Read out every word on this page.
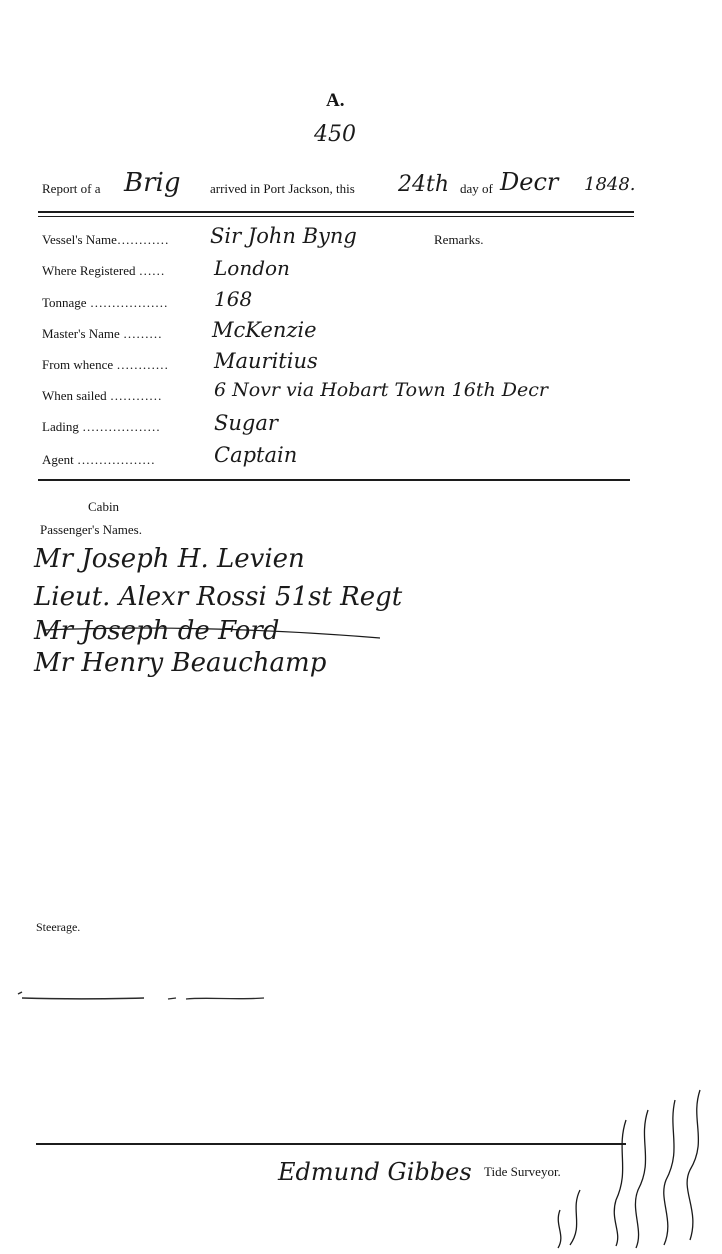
A.
450
Report of a Brig arrived in Port Jackson, this 24th day of Decr 1848.
Vessel's Name…………
Where Registered ……
Tonnage ………………
Master's Name ………
From whence …………
When sailed …………
Lading ………………
Agent ………………
Sir John Byng	Remarks.
London
168
McKenzie
Mauritius
6 Novr via Hobart Town 16th Decr
Sugar
Captain
Cabin
Passenger's Names.
Mr Joseph H. Levien
Lieut. Alexr Rossi 51st Regt
Mr Joseph de Ford
Mr Henry Beauchamp
Steerage.
Edmund Gibbes Tide Surveyor.
